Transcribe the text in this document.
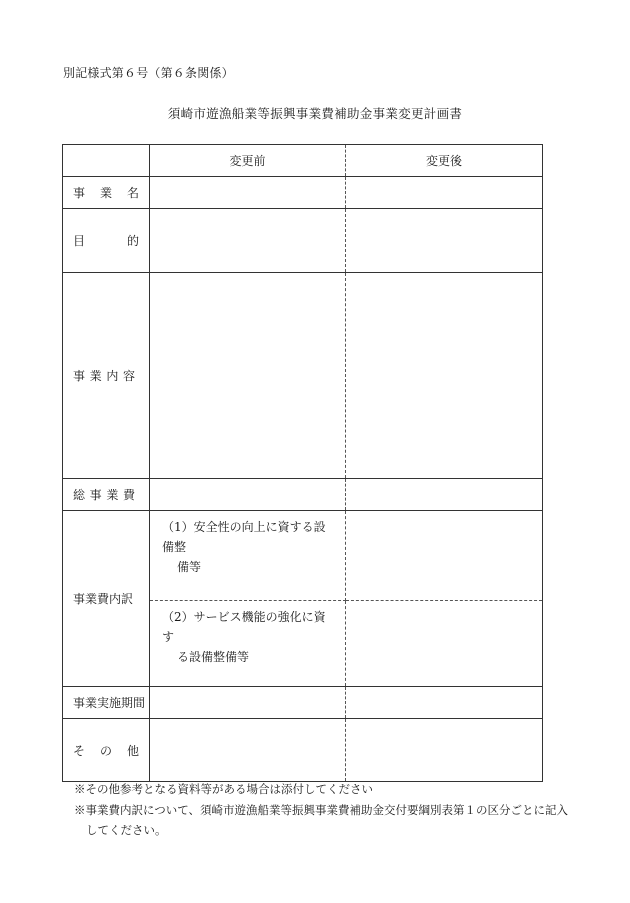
別記様式第６号（第６条関係）
須崎市遊漁船業等振興事業費補助金事業変更計画書
	変更前	変更後

事 業 名		

目 的		

事 業 内 容		

総 事 業 費		

事業費内訳	（1）安全性の向上に資する設備整
備等	

	（2）サービス機能の強化に資す
る設備整備等	

事業実施期間		

そ の 他		

※その他参考となる資料等がある場合は添付してください
※事業費内訳について、須崎市遊漁船業等振興事業費補助金交付要綱別表第１の区分ごとに記入
してください。
